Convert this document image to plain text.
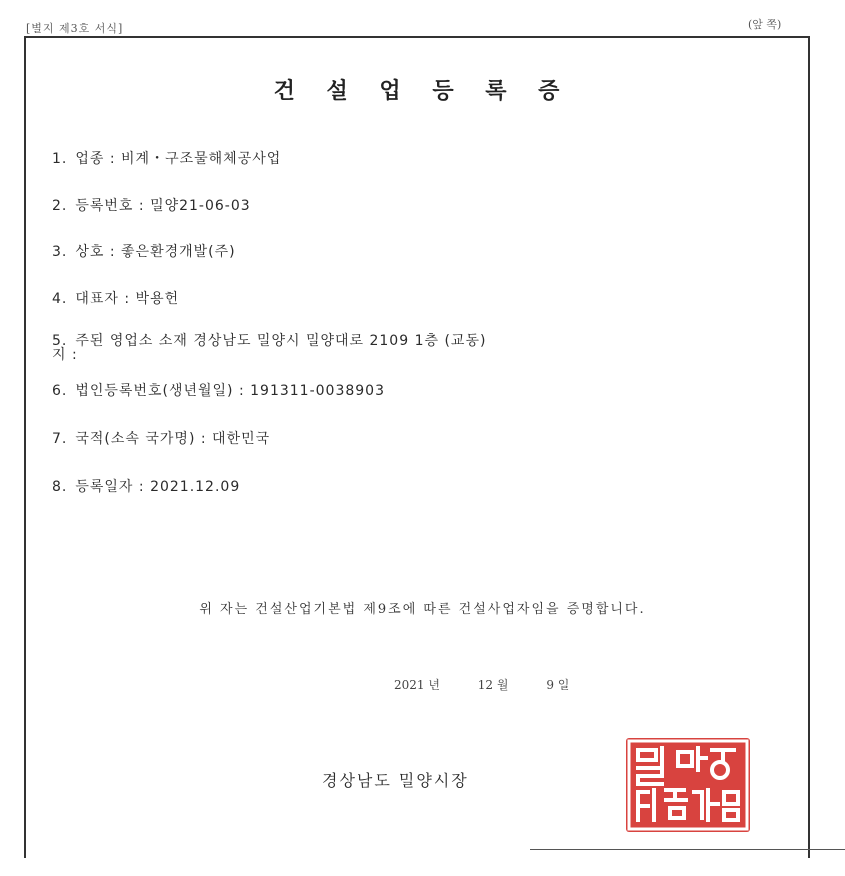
[별지 제3호 서식]	(앞 쪽)
건 설 업 등 록 증
1. 업종 : 비계・구조물해체공사업
2. 등록번호 : 밀양21-06-03
3. 상호 : 좋은환경개발(주)
4. 대표자 : 박용헌
5. 주된 영업소 소재 경상남도 밀양시 밀양대로 2109 1층 (교동)
지 :
6. 법인등록번호(생년월일) : 191311-0038903
7. 국적(소속 국가명) : 대한민국
8. 등록일자 : 2021.12.09
위 자는 건설산업기본법 제9조에 따른 건설사업자임을 증명합니다.
2021 년	12 월	9 일
경상남도 밀양시장
